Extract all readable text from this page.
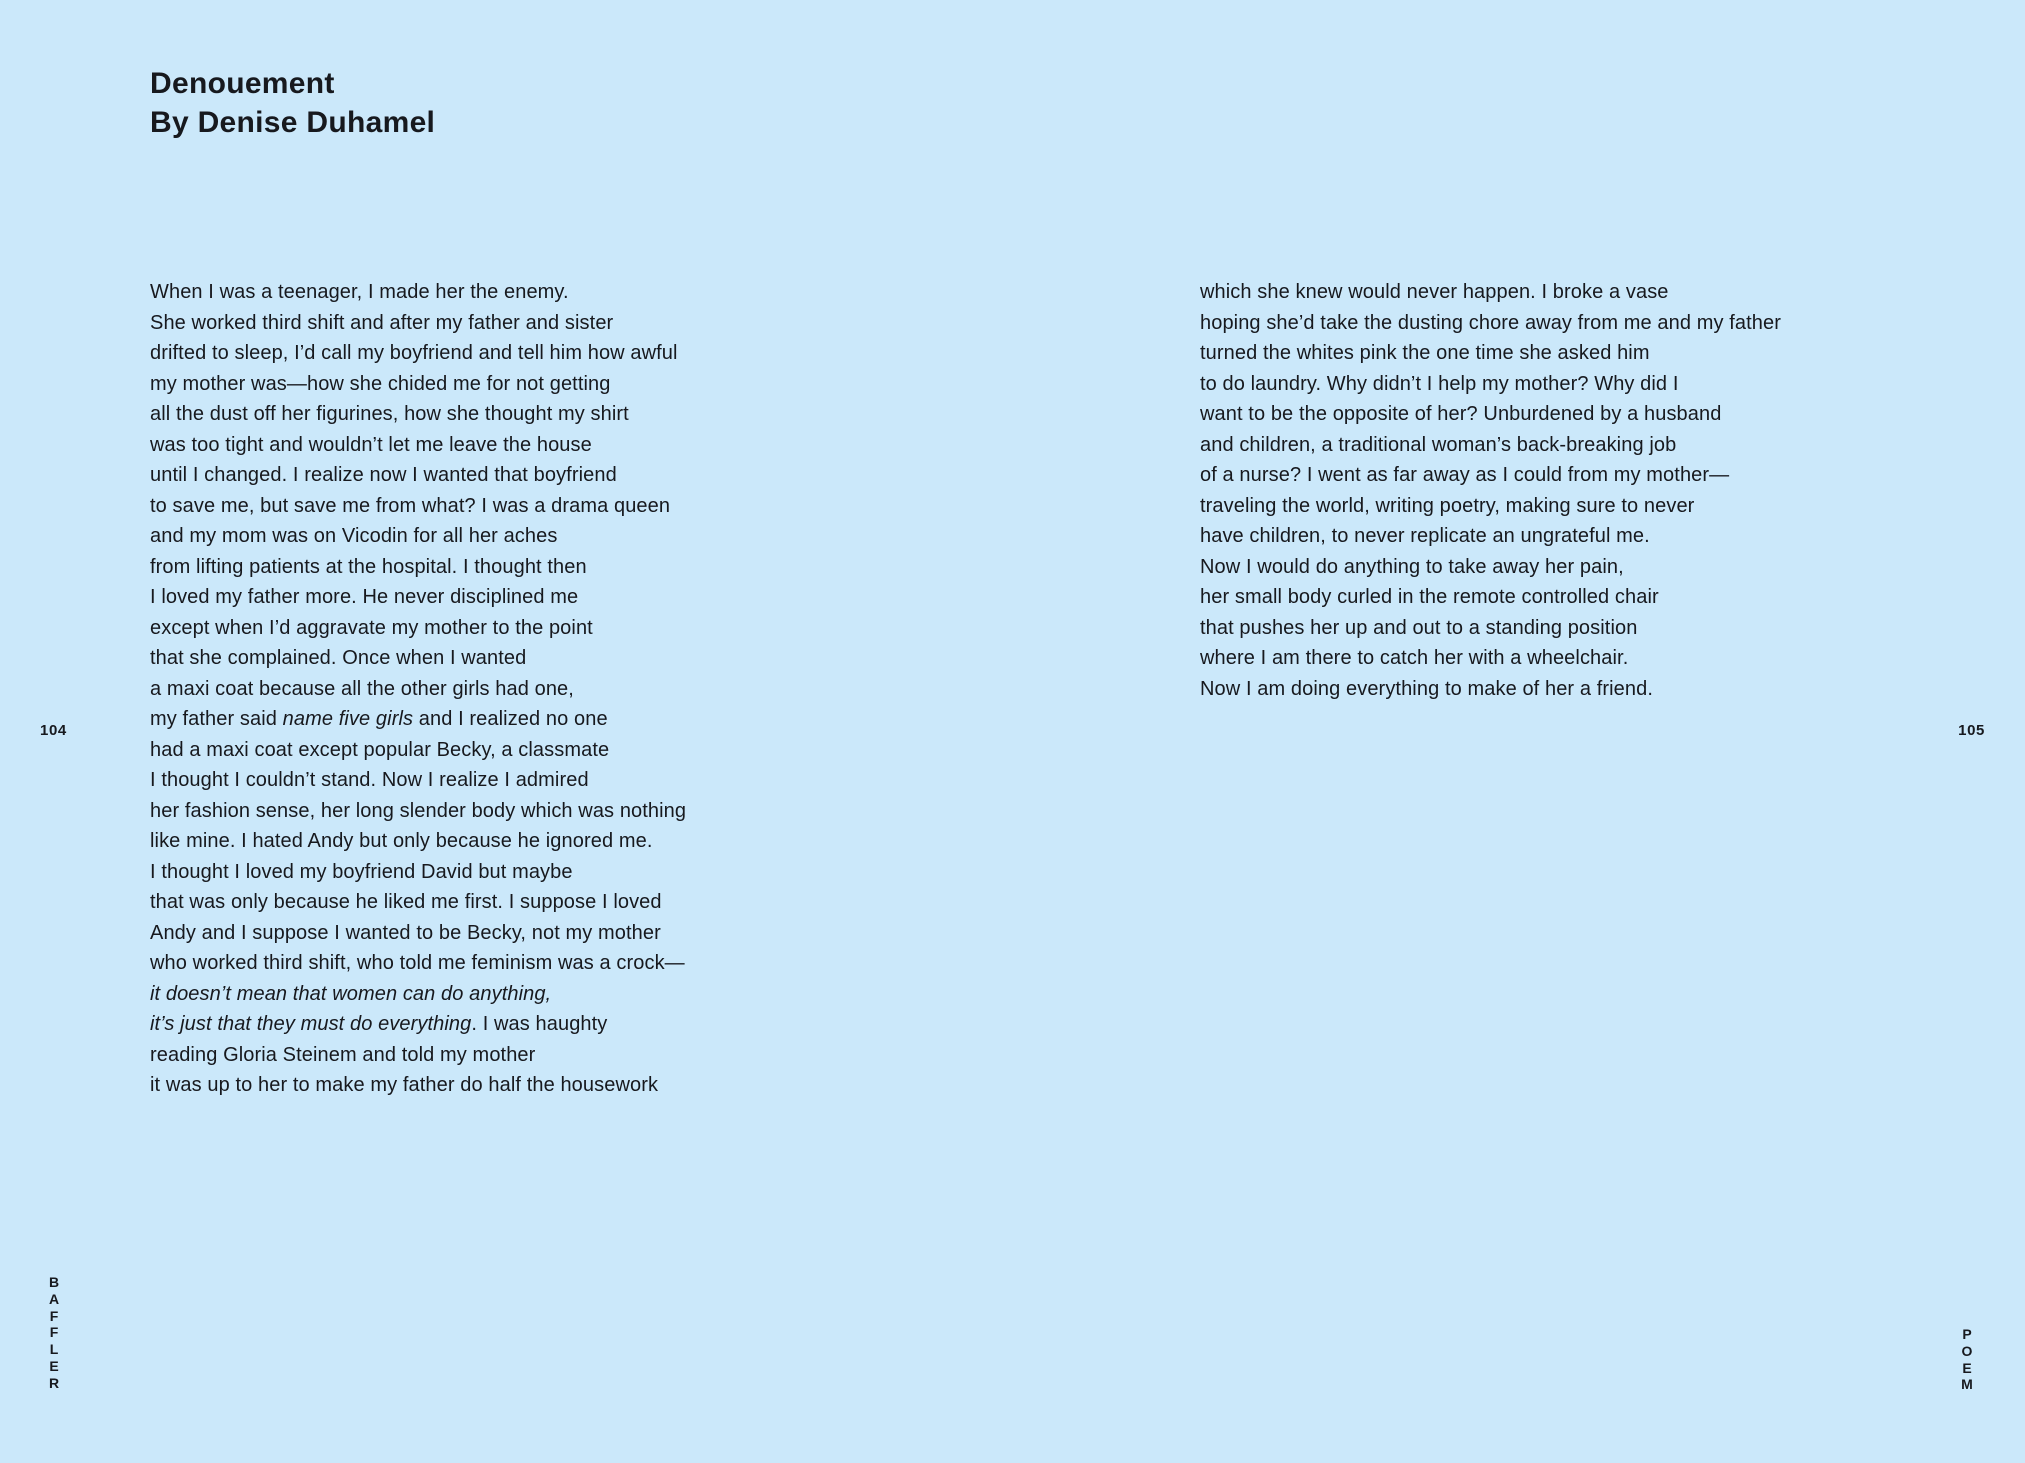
Denouement
By Denise Duhamel
When I was a teenager, I made her the enemy.
She worked third shift and after my father and sister
drifted to sleep, I’d call my boyfriend and tell him how awful
my mother was—how she chided me for not getting
all the dust off her figurines, how she thought my shirt
was too tight and wouldn’t let me leave the house
until I changed. I realize now I wanted that boyfriend
to save me, but save me from what? I was a drama queen
and my mom was on Vicodin for all her aches
from lifting patients at the hospital. I thought then
I loved my father more. He never disciplined me
except when I’d aggravate my mother to the point
that she complained. Once when I wanted
a maxi coat because all the other girls had one,
my father said name five girls and I realized no one
had a maxi coat except popular Becky, a classmate
I thought I couldn’t stand. Now I realize I admired
her fashion sense, her long slender body which was nothing
like mine. I hated Andy but only because he ignored me.
I thought I loved my boyfriend David but maybe
that was only because he liked me first. I suppose I loved
Andy and I suppose I wanted to be Becky, not my mother
who worked third shift, who told me feminism was a crock—
it doesn’t mean that women can do anything,
it’s just that they must do everything. I was haughty
reading Gloria Steinem and told my mother
it was up to her to make my father do half the housework
which she knew would never happen. I broke a vase
hoping she’d take the dusting chore away from me and my father
turned the whites pink the one time she asked him
to do laundry. Why didn’t I help my mother? Why did I
want to be the opposite of her? Unburdened by a husband
and children, a traditional woman’s back-breaking job
of a nurse? I went as far away as I could from my mother—
traveling the world, writing poetry, making sure to never
have children, to never replicate an ungrateful me.
Now I would do anything to take away her pain,
her small body curled in the remote controlled chair
that pushes her up and out to a standing position
where I am there to catch her with a wheelchair.
Now I am doing everything to make of her a friend.
104	105
B
A
F
F
L
E
R
P
O
E
M
